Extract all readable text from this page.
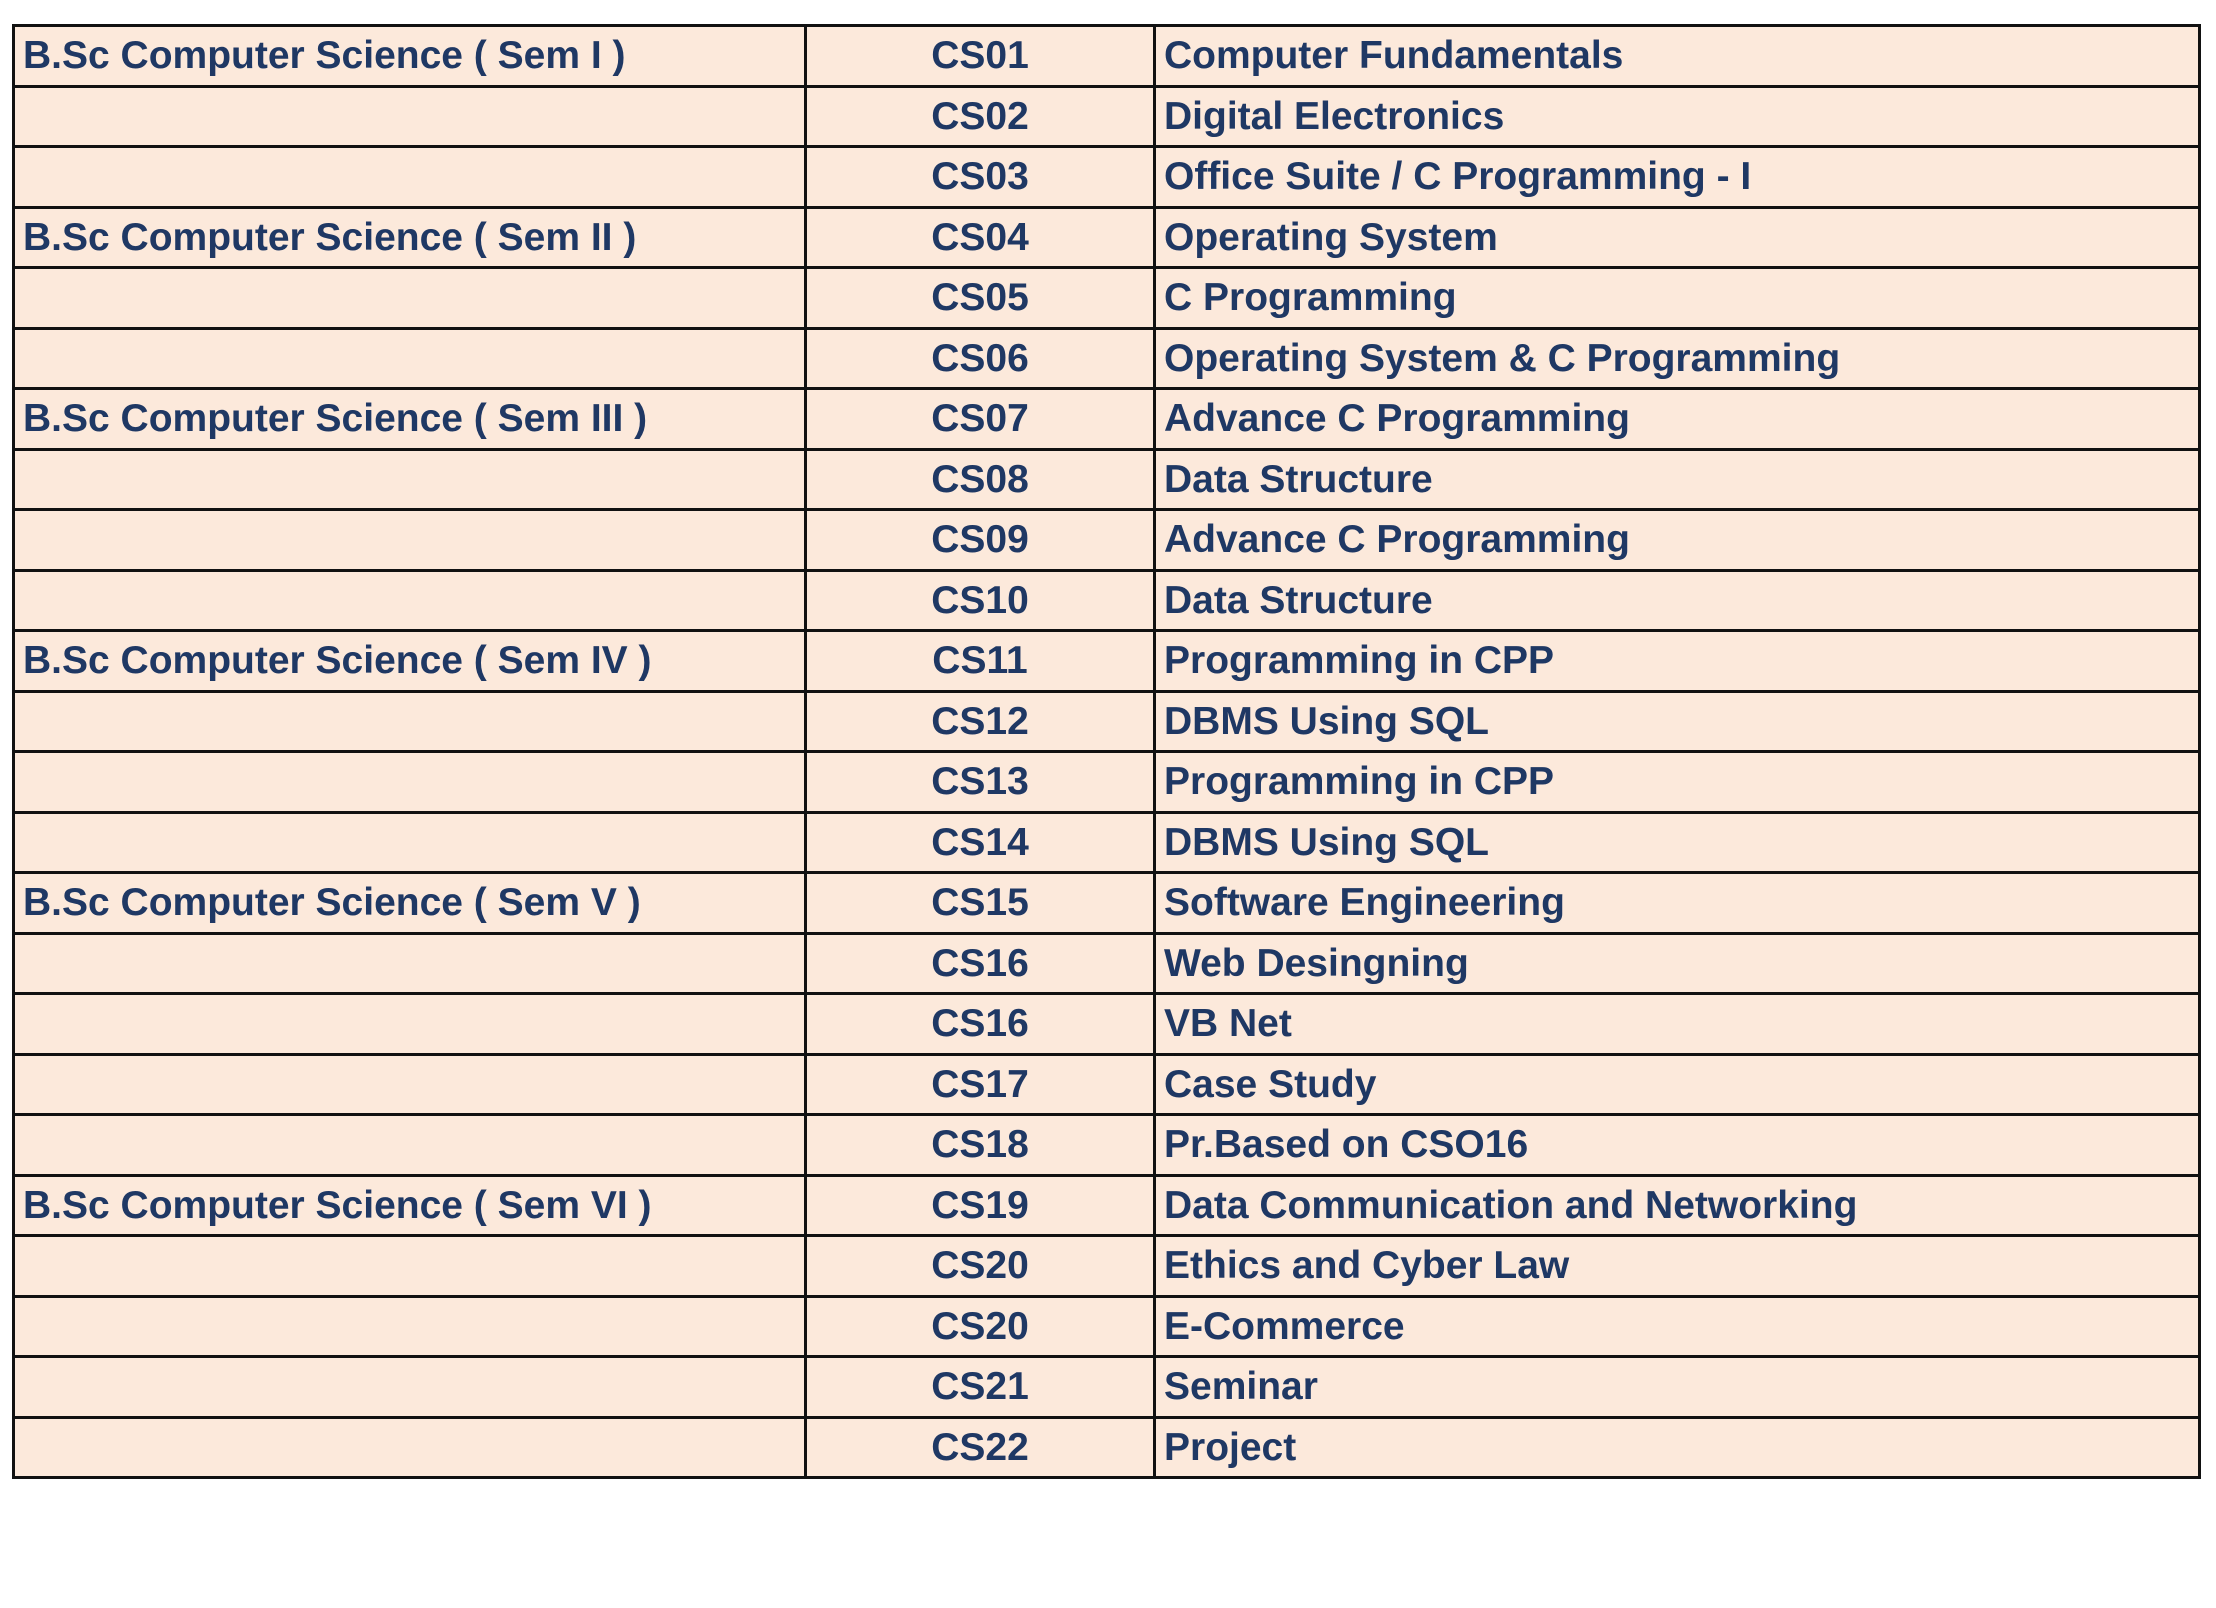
B.Sc Computer Science ( Sem I )	CS01	Computer Fundamentals
	CS02	Digital Electronics
	CS03	Office Suite / C Programming - I
B.Sc Computer Science ( Sem II )	CS04	Operating System
	CS05	C Programming
	CS06	Operating System & C Programming
B.Sc Computer Science ( Sem III )	CS07	Advance C Programming
	CS08	Data Structure
	CS09	Advance C Programming
	CS10	Data Structure
B.Sc Computer Science ( Sem IV )	CS11	Programming in CPP
	CS12	DBMS Using SQL
	CS13	Programming in CPP
	CS14	DBMS Using SQL
B.Sc Computer Science ( Sem V )	CS15	Software Engineering
	CS16	Web Desingning
	CS16	VB Net
	CS17	Case Study
	CS18	Pr.Based on CSO16
B.Sc Computer Science ( Sem VI )	CS19	Data Communication and Networking
	CS20	Ethics and Cyber Law
	CS20	E-Commerce
	CS21	Seminar
	CS22	Project
